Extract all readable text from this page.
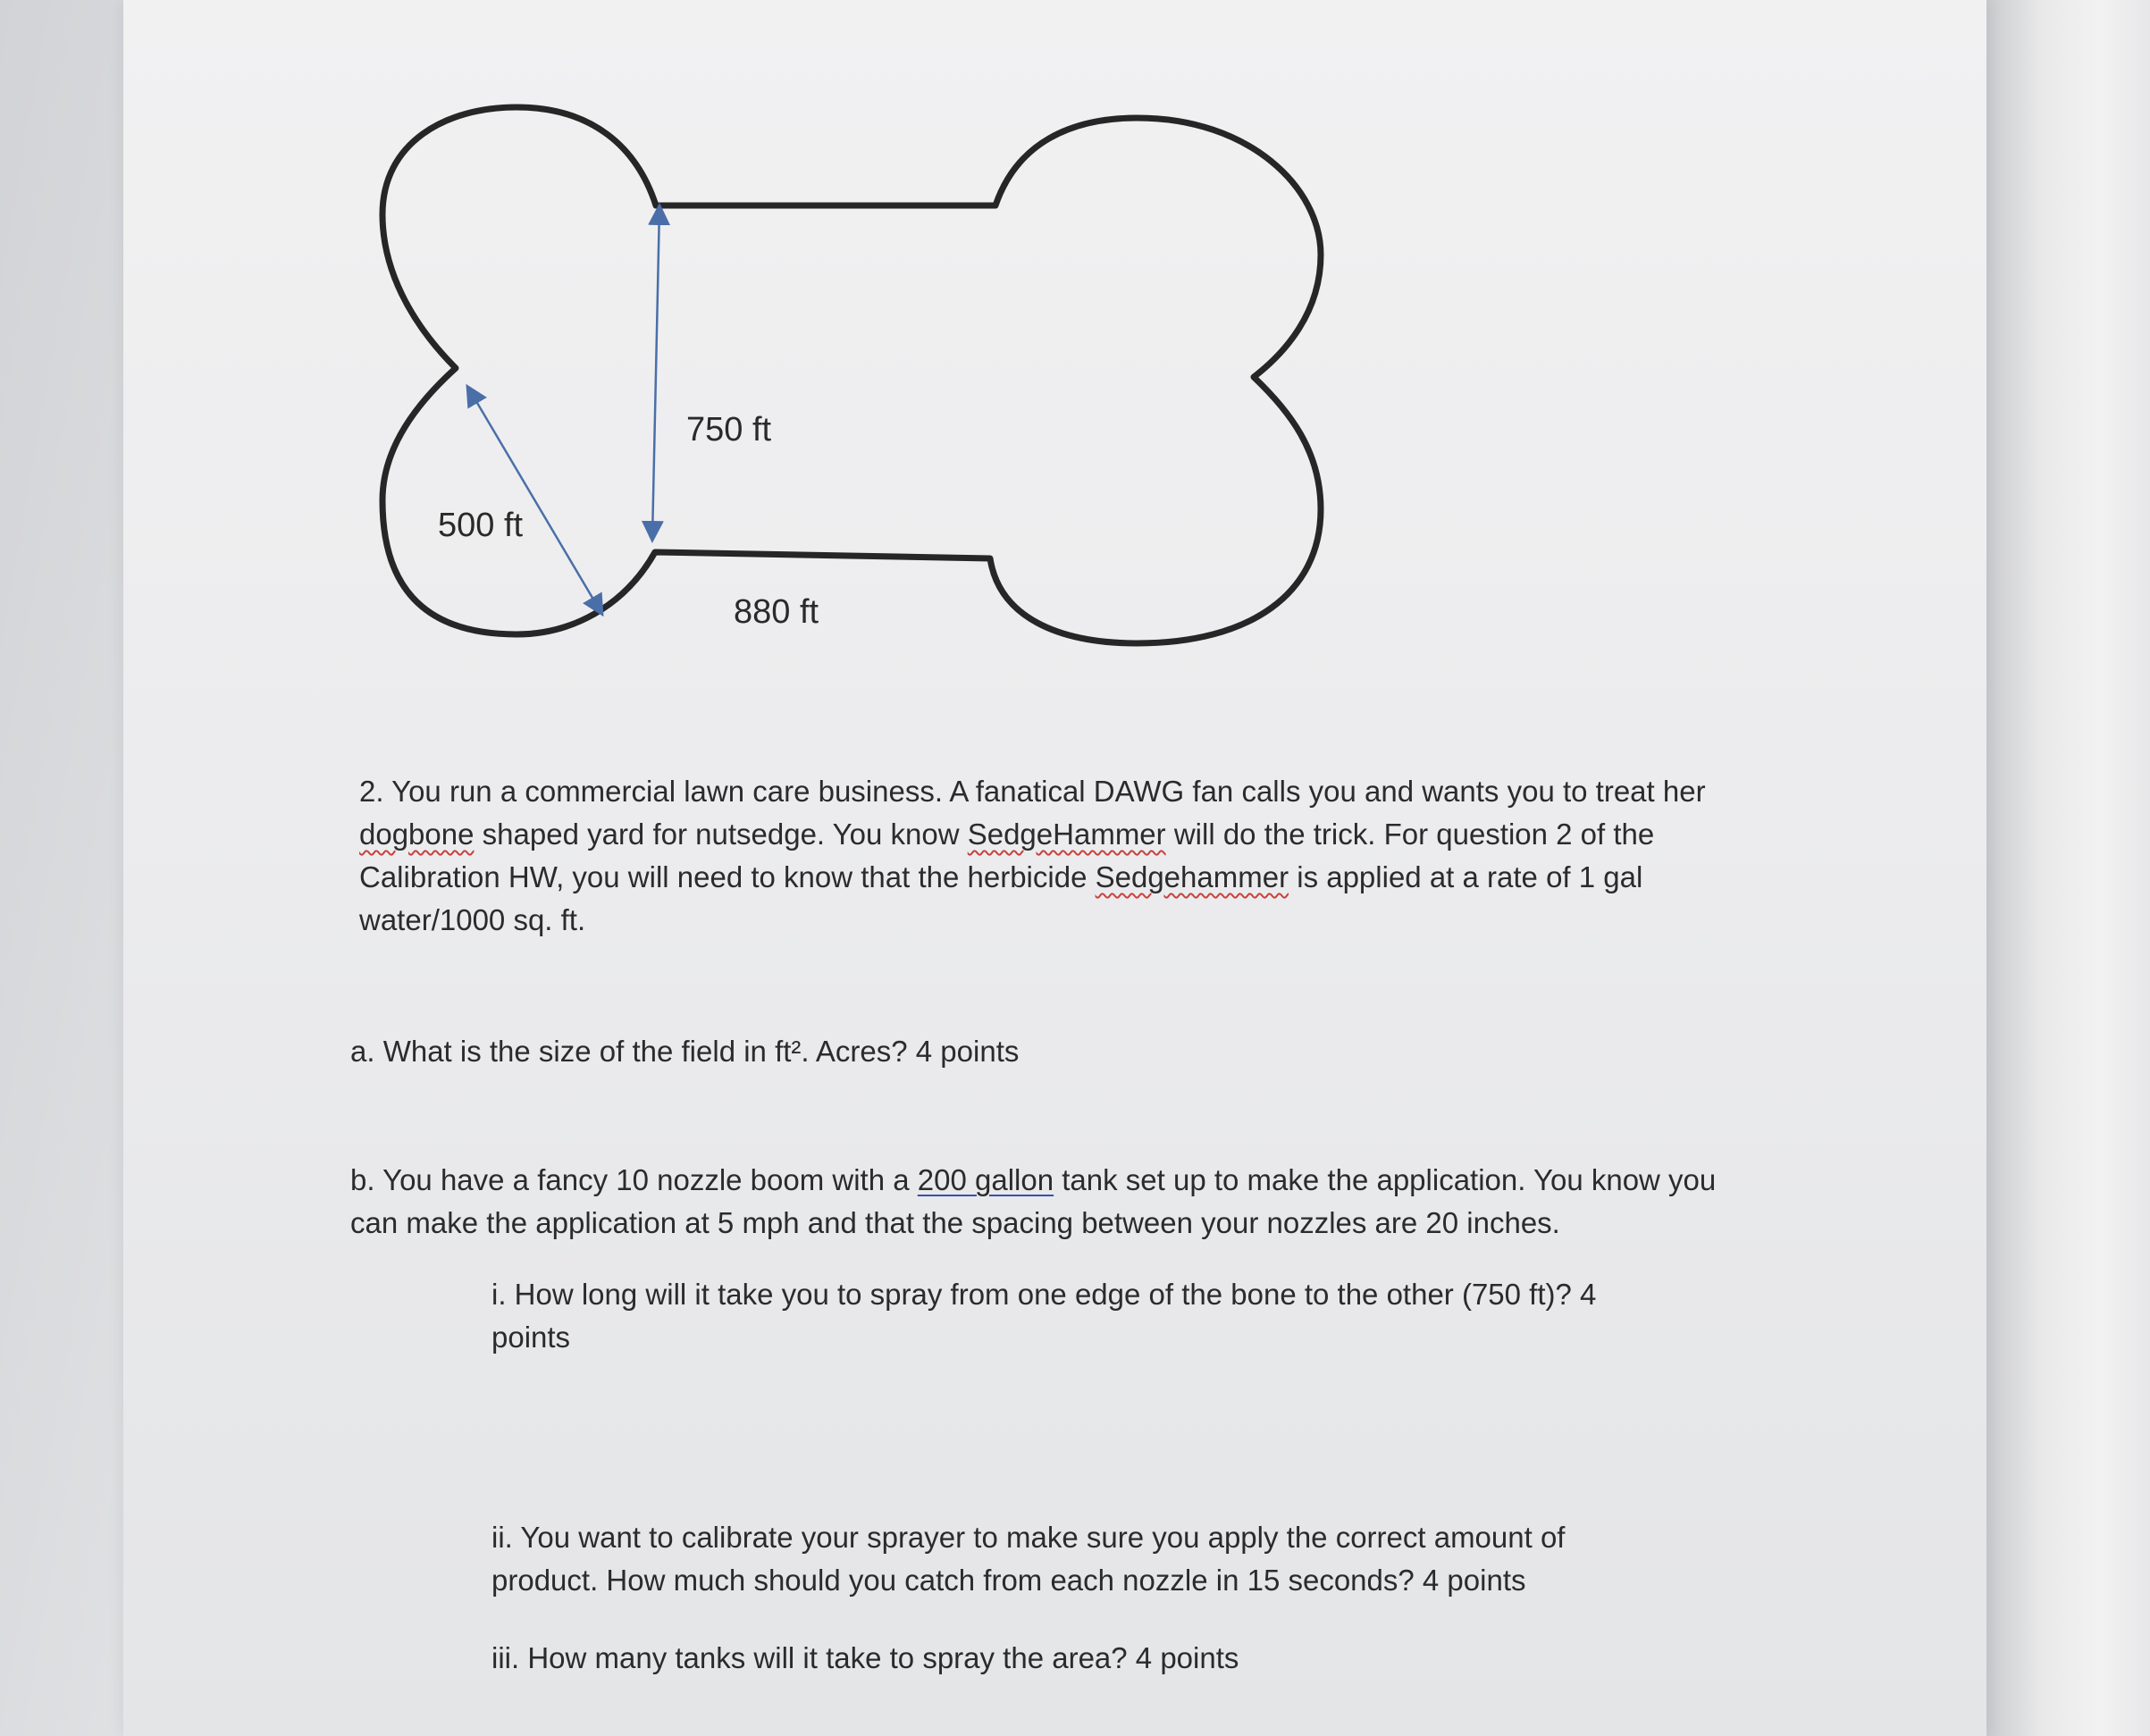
750 ft
500 ft
880 ft
2. You run a commercial lawn care business. A fanatical DAWG fan calls you and wants you to treat her
dogbone shaped yard for nutsedge. You know SedgeHammer will do the trick. For question 2 of the
Calibration HW, you will need to know that the herbicide Sedgehammer is applied at a rate of 1 gal
water/1000 sq. ft.
a. What is the size of the field in ft². Acres? 4 points
b. You have a fancy 10 nozzle boom with a 200 gallon tank set up to make the application. You know you
can make the application at 5 mph and that the spacing between your nozzles are 20 inches.
i. How long will it take you to spray from one edge of the bone to the other (750 ft)? 4
points
ii. You want to calibrate your sprayer to make sure you apply the correct amount of
product. How much should you catch from each nozzle in 15 seconds? 4 points
iii. How many tanks will it take to spray the area? 4 points
